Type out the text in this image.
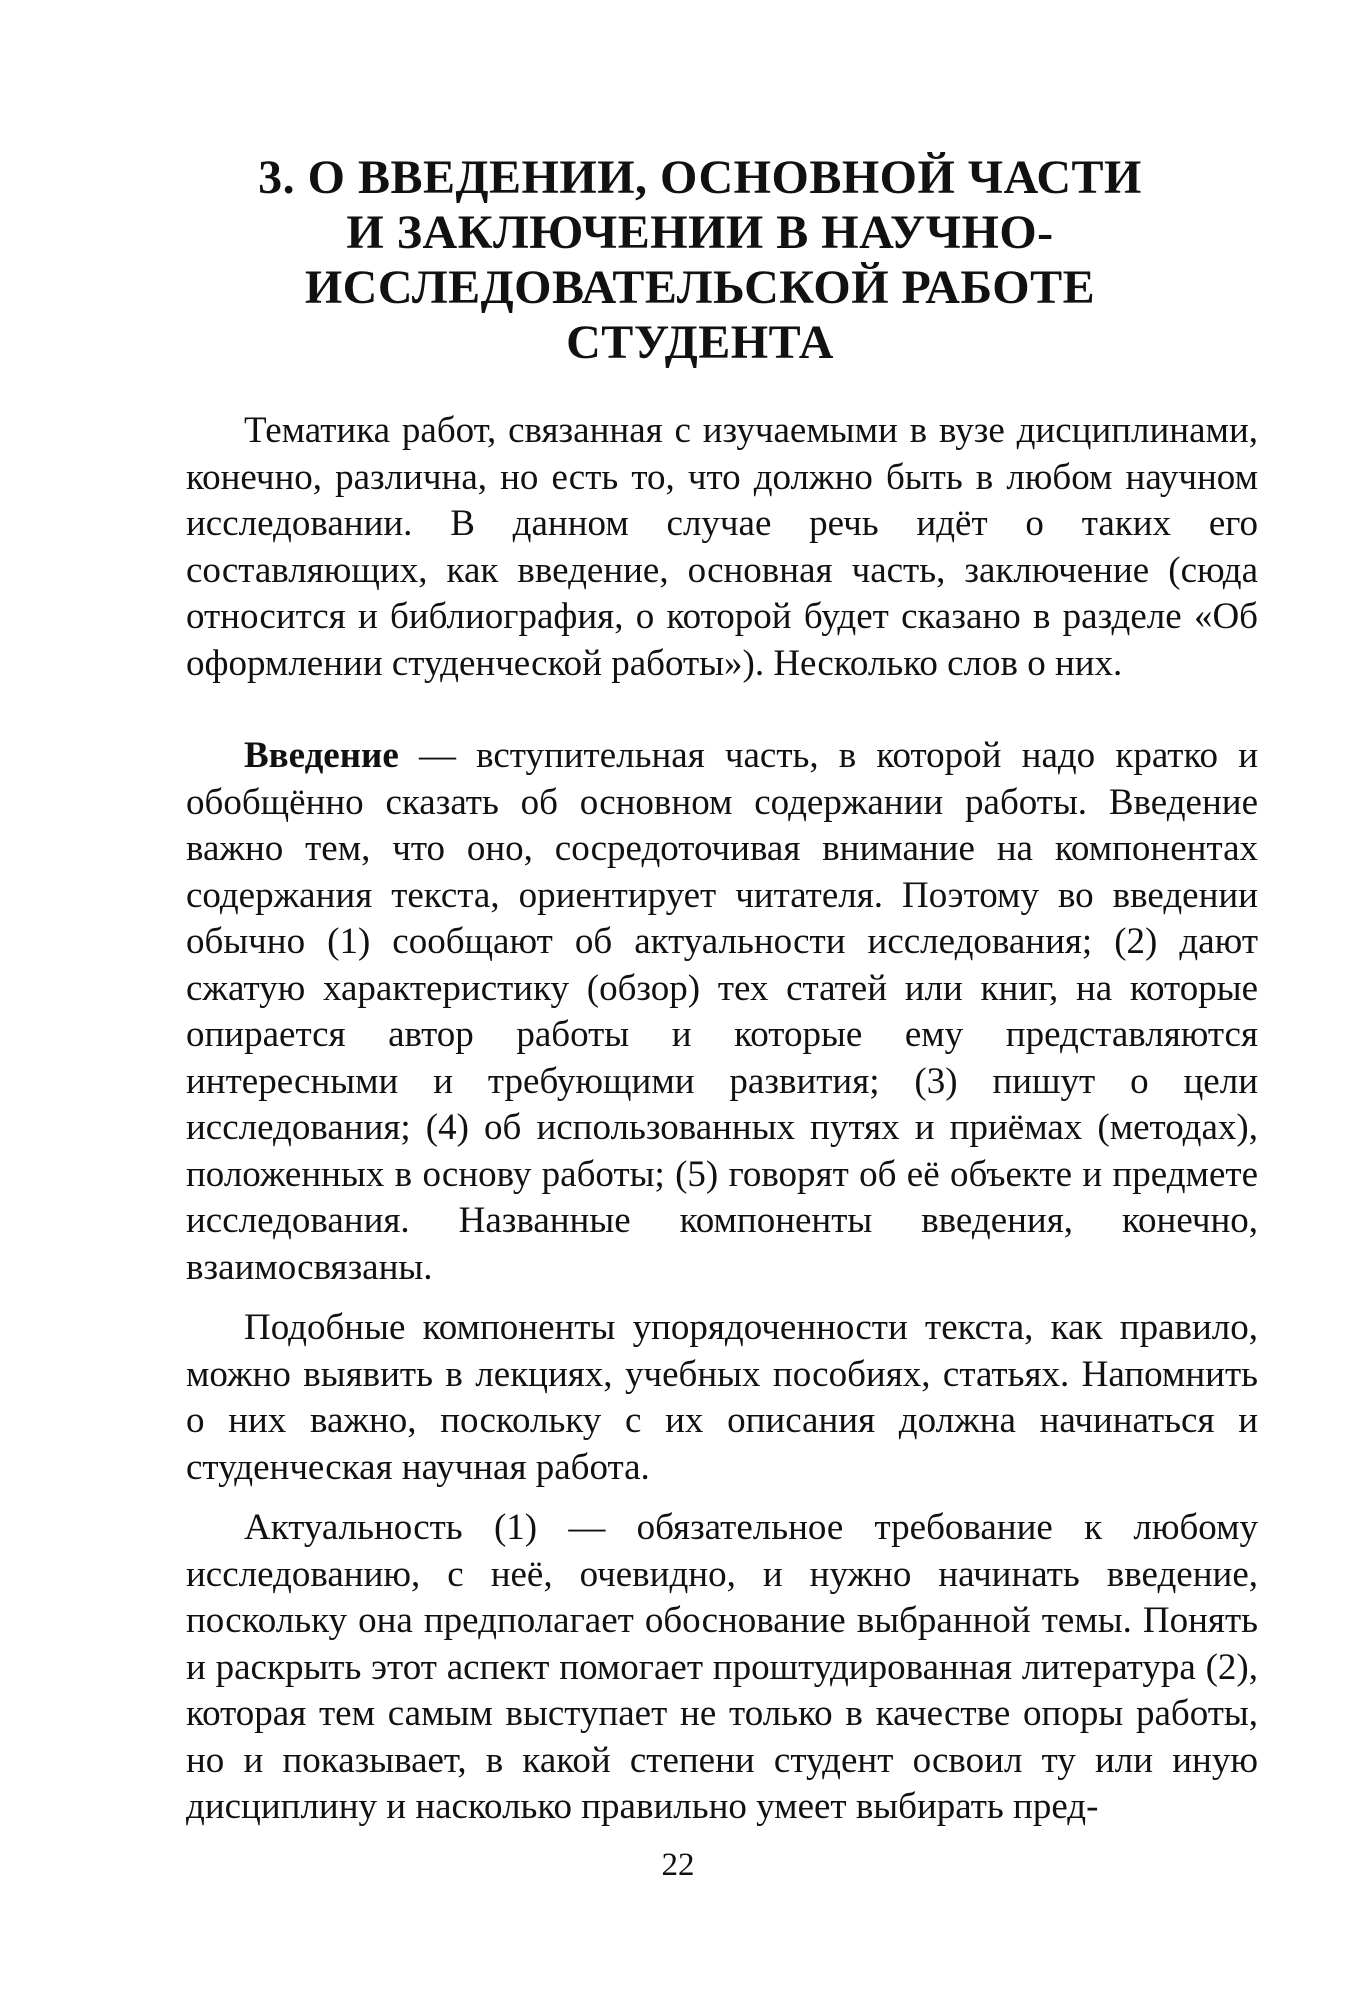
3. О ВВЕДЕНИИ, ОСНОВНОЙ ЧАСТИ
И ЗАКЛЮЧЕНИИ В НАУЧНО-
ИССЛЕДОВАТЕЛЬСКОЙ РАБОТЕ СТУДЕНТА

Тематика работ, связанная с изучаемыми в вузе дисциплинами, конечно, различна, но есть то, что должно быть в любом научном исследовании. В данном случае речь идёт о таких его составляющих, как введение, основная часть, заключение (сюда относится и библиография, о которой будет сказано в разделе «Об оформлении студенческой работы»). Несколько слов о них.

Введение — вступительная часть, в которой надо кратко и обобщённо сказать об основном содержании работы. Введение важно тем, что оно, сосредоточивая внимание на компонентах содержания текста, ориентирует читателя. Поэтому во введении обычно (1) сообщают об актуальности исследования; (2) дают сжатую характеристику (обзор) тех статей или книг, на которые опирается автор работы и которые ему представляются интересными и требующими развития; (3) пишут о цели исследования; (4) об использованных путях и приёмах (методах), положенных в основу работы; (5) говорят об её объекте и предмете исследования. Названные компоненты введения, конечно, взаимосвязаны.

Подобные компоненты упорядоченности текста, как правило, можно выявить в лекциях, учебных пособиях, статьях. Напомнить о них важно, поскольку с их описания должна начинаться и студенческая научная работа.

Актуальность (1) — обязательное требование к любому исследованию, с неё, очевидно, и нужно начинать введение, поскольку она предполагает обоснование выбранной темы. Понять и раскрыть этот аспект помогает проштудированная литература (2), которая тем самым выступает не только в качестве опоры работы, но и показывает, в какой степени студент освоил ту или иную дисциплину и насколько правильно умеет выбирать пред-

22
